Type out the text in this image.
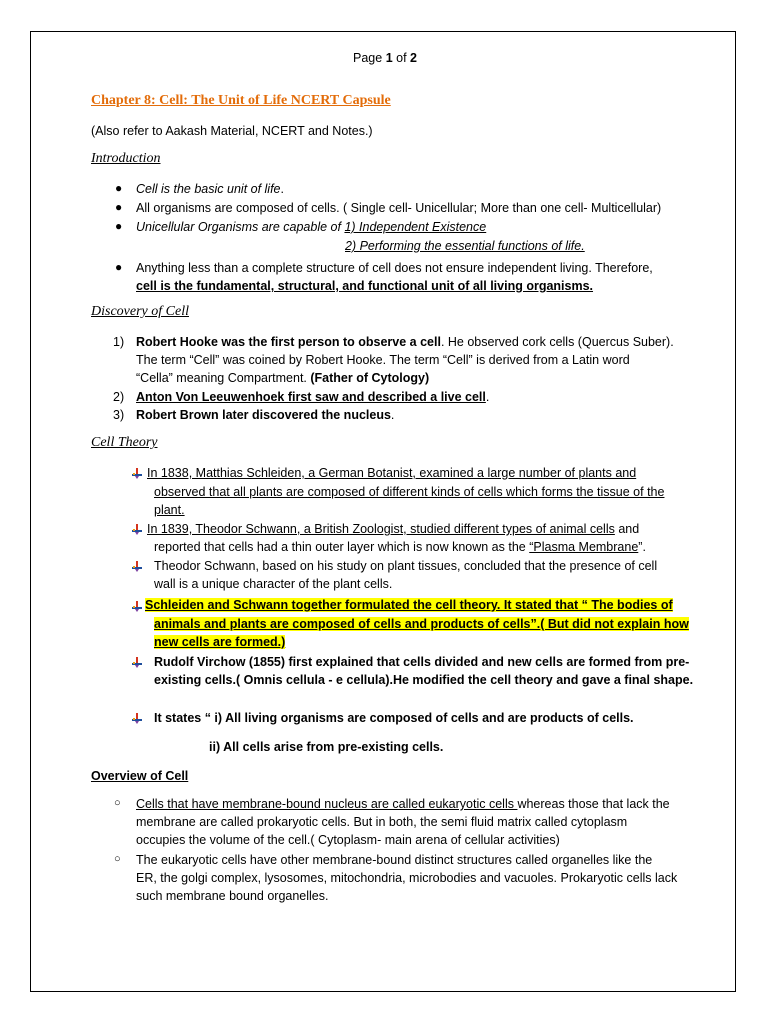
Page 1 of 2
Chapter 8: Cell: The Unit of Life NCERT Capsule
(Also refer to Aakash Material, NCERT and Notes.)
Introduction
● Cell is the basic unit of life.
● All organisms are composed of cells. ( Single cell- Unicellular; More than one cell- Multicellular)
● Unicellular Organisms are capable of 1) Independent Existence
2) Performing the essential functions of life.
● Anything less than a complete structure of cell does not ensure independent living. Therefore,
cell is the fundamental, structural, and functional unit of all living organisms.
Discovery of Cell
1) Robert Hooke was the first person to observe a cell. He observed cork cells (Quercus Suber).
The term “Cell” was coined by Robert Hooke. The term “Cell” is derived from a Latin word
“Cella” meaning Compartment. (Father of Cytology)
2) Anton Von Leeuwenhoek first saw and described a live cell.
3) Robert Brown later discovered the nucleus.
Cell Theory
In 1838, Matthias Schleiden, a German Botanist, examined a large number of plants and
observed that all plants are composed of different kinds of cells which forms the tissue of the
plant.
In 1839, Theodor Schwann, a British Zoologist, studied different types of animal cells and
reported that cells had a thin outer layer which is now known as the “Plasma Membrane”.
Theodor Schwann, based on his study on plant tissues, concluded that the presence of cell
wall is a unique character of the plant cells.
Schleiden and Schwann together formulated the cell theory. It stated that “ The bodies of
animals and plants are composed of cells and products of cells”.( But did not explain how
new cells are formed.)
Rudolf Virchow (1855) first explained that cells divided and new cells are formed from pre-
existing cells.( Omnis cellula - e cellula).He modified the cell theory and gave a final shape.
It states “ i) All living organisms are composed of cells and are products of cells.
ii) All cells arise from pre-existing cells.
Overview of Cell
○ Cells that have membrane-bound nucleus are called eukaryotic cells whereas those that lack the
membrane are called prokaryotic cells. But in both, the semi fluid matrix called cytoplasm
occupies the volume of the cell.( Cytoplasm- main arena of cellular activities)
○ The eukaryotic cells have other membrane-bound distinct structures called organelles like the
ER, the golgi complex, lysosomes, mitochondria, microbodies and vacuoles. Prokaryotic cells lack
such membrane bound organelles.
